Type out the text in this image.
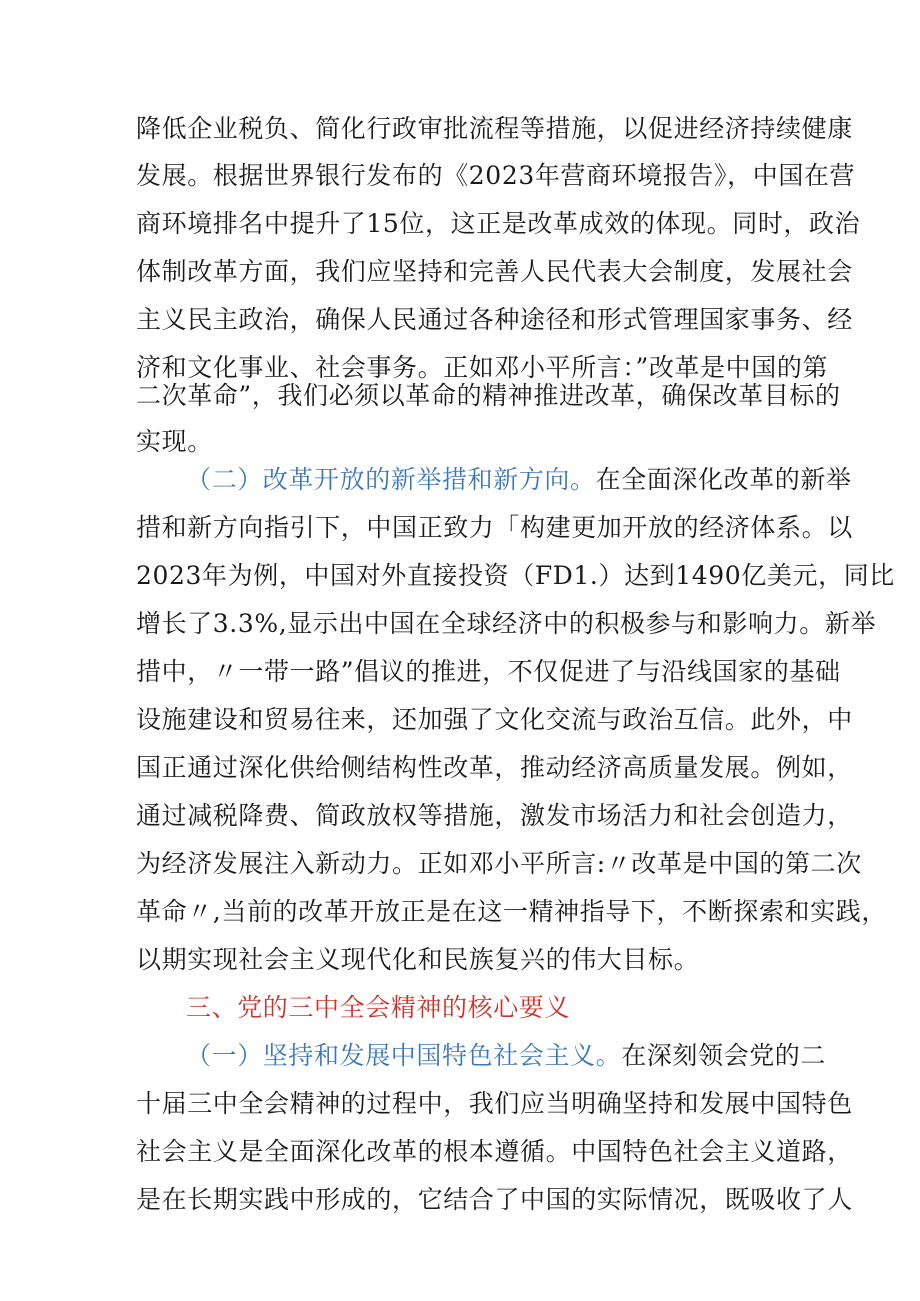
降低企业税负、简化行政审批流程等措施，以促进经济持续健康
发展。根据世界银行发布的《2023年营商环境报告》，中国在营
商环境排名中提升了15位，这正是改革成效的体现。同时，政治
体制改革方面，我们应坚持和完善人民代表大会制度，发展社会
主义民主政治，确保人民通过各种途径和形式管理国家事务、经
济和文化事业、社会事务。正如邓小平所言：”改革是中国的第
二次革命”，我们必须以革命的精神推进改革，确保改革目标的
实现。
（二）改革开放的新举措和新方向。在全面深化改革的新举
措和新方向指引下，中国正致力「构建更加开放的经济体系。以
2023年为例，中国对外直接投资（FD1.）达到1490亿美元，同比
增长了3.3%,显示出中国在全球经济中的积极参与和影响力。新举
措中，〃一带一路”倡议的推进，不仅促进了与沿线国家的基础
设施建设和贸易往来，还加强了文化交流与政治互信。此外，中
国正通过深化供给侧结构性改革，推动经济高质量发展。例如，
通过减税降费、简政放权等措施，激发市场活力和社会创造力，
为经济发展注入新动力。正如邓小平所言:〃改革是中国的第二次
革命〃,当前的改革开放正是在这一精神指导下，不断探索和实践，
以期实现社会主义现代化和民族复兴的伟大目标。
三、党的三中全会精神的核心要义
（一）坚持和发展中国特色社会主义。在深刻领会党的二
十届三中全会精神的过程中，我们应当明确坚持和发展中国特色
社会主义是全面深化改革的根本遵循。中国特色社会主义道路，
是在长期实践中形成的，它结合了中国的实际情况，既吸收了人
